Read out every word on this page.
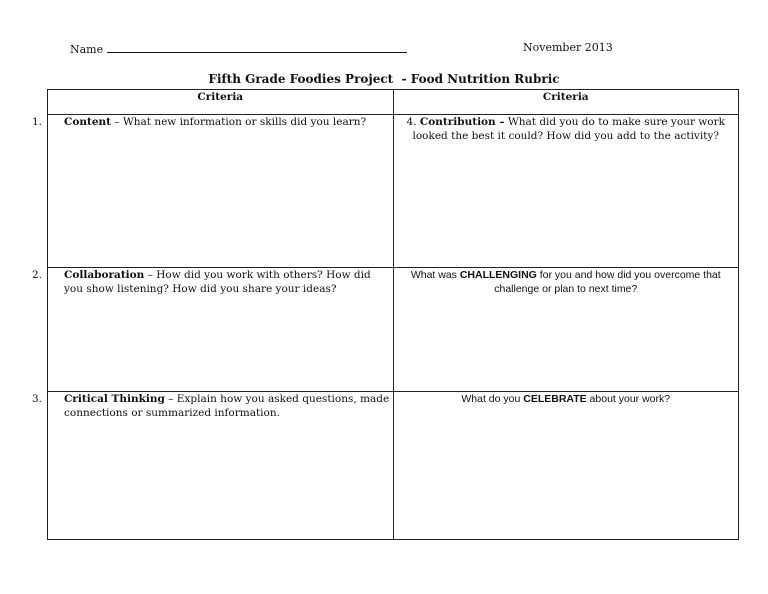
Name	November 2013
Fifth Grade Foodies Project  - Food Nutrition Rubric
Criteria	Criteria

1. Content – What new information or skills did you learn?	4. Contribution – What did you do to make sure your work looked the best it could? How did you add to the activity?

2. Collaboration – How did you work with others? How did you show listening? How did you share your ideas?	What was CHALLENGING for you and how did you overcome that challenge or plan to next time?

3. Critical Thinking – Explain how you asked questions, made connections or summarized information.	What do you CELEBRATE about your work?
